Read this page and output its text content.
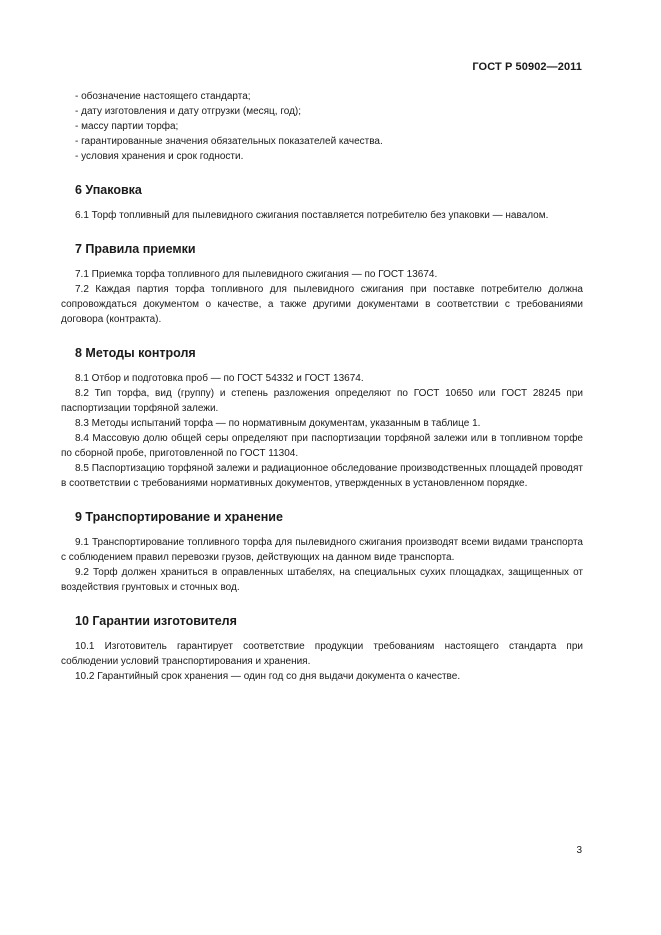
ГОСТ Р 50902—2011
- обозначение настоящего стандарта;
- дату изготовления и дату отгрузки (месяц, год);
- массу партии торфа;
- гарантированные значения обязательных показателей качества.
- условия хранения и срок годности.
6 Упаковка
6.1 Торф топливный для пылевидного сжигания поставляется потребителю без упаковки — навалом.
7 Правила приемки
7.1 Приемка торфа топливного для пылевидного сжигания — по ГОСТ 13674.
7.2 Каждая партия торфа топливного для пылевидного сжигания при поставке потребителю должна сопровождаться документом о качестве, а также другими документами в соответствии с требованиями договора (контракта).
8 Методы контроля
8.1 Отбор и подготовка проб — по ГОСТ 54332 и ГОСТ 13674.
8.2 Тип торфа, вид (группу) и степень разложения определяют по ГОСТ 10650 или ГОСТ 28245 при паспортизации торфяной залежи.
8.3 Методы испытаний торфа — по нормативным документам, указанным в таблице 1.
8.4 Массовую долю общей серы определяют при паспортизации торфяной залежи или в топливном торфе по сборной пробе, приготовленной по ГОСТ 11304.
8.5 Паспортизацию торфяной залежи и радиационное обследование производственных площадей проводят в соответствии с требованиями нормативных документов, утвержденных в установленном порядке.
9 Транспортирование и хранение
9.1 Транспортирование топливного торфа для пылевидного сжигания производят всеми видами транспорта с соблюдением правил перевозки грузов, действующих на данном виде транспорта.
9.2 Торф должен храниться в оправленных штабелях, на специальных сухих площадках, защищенных от воздействия грунтовых и сточных вод.
10 Гарантии изготовителя
10.1 Изготовитель гарантирует соответствие продукции требованиям настоящего стандарта при соблюдении условий транспортирования и хранения.
10.2 Гарантийный срок хранения — один год со дня выдачи документа о качестве.
3
